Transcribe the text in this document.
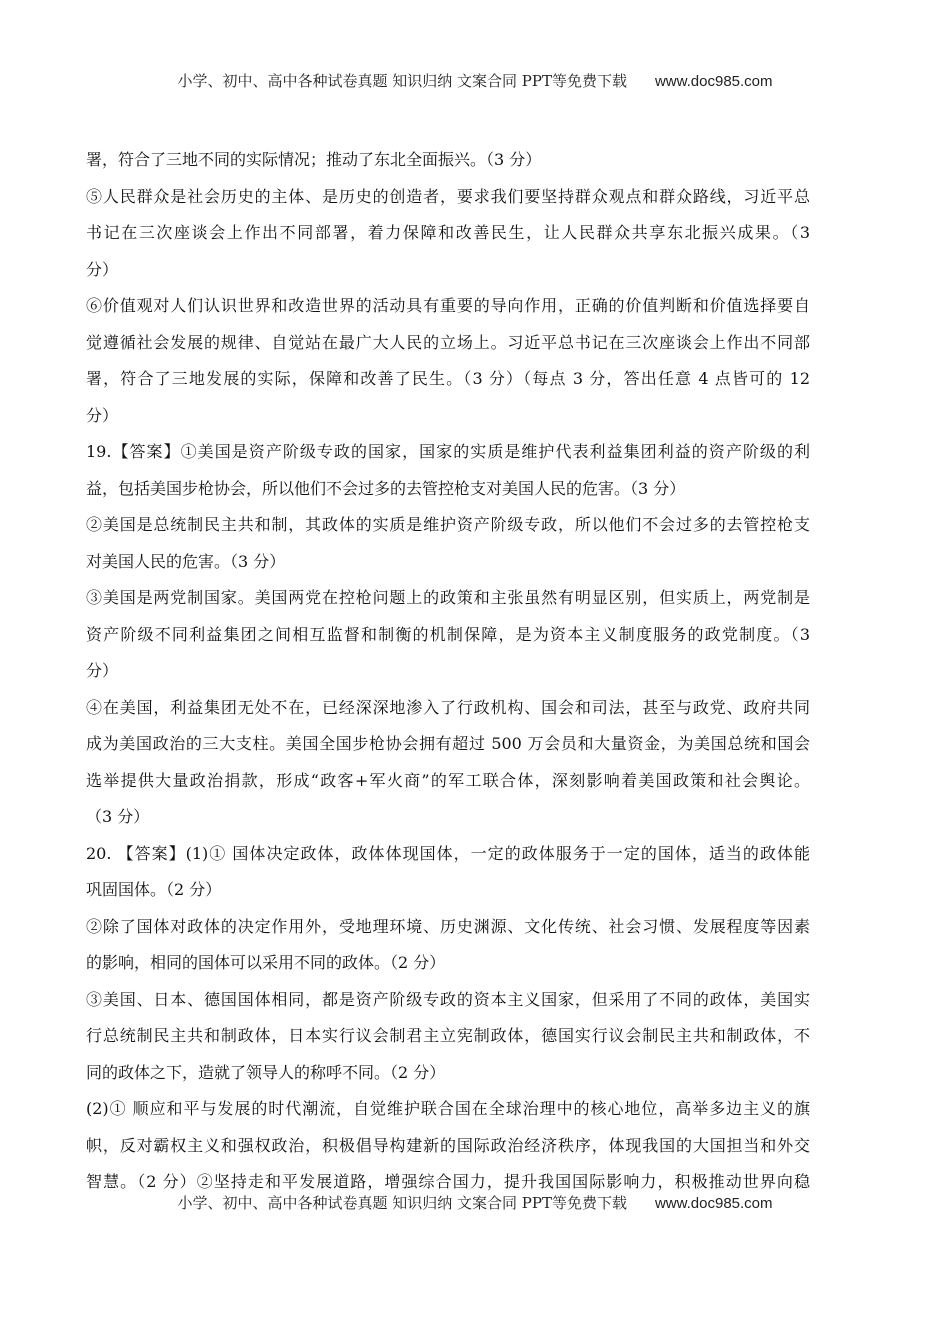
小学、初中、高中各种试卷真题 知识归纳 文案合同 PPT等免费下载 www.doc985.com
署，符合了三地不同的实际情况；推动了东北全面振兴。（3 分）
⑤人民群众是社会历史的主体、是历史的创造者，要求我们要坚持群众观点和群众路线，习近平总
书记在三次座谈会上作出不同部署，着力保障和改善民生，让人民群众共享东北振兴成果。（3
分）
⑥价值观对人们认识世界和改造世界的活动具有重要的导向作用，正确的价值判断和价值选择要自
觉遵循社会发展的规律、自觉站在最广大人民的立场上。习近平总书记在三次座谈会上作出不同部
署，符合了三地发展的实际，保障和改善了民生。（3 分）（每点 3 分，答出任意 4 点皆可的 12
分）
19.【答案】①美国是资产阶级专政的国家，国家的实质是维护代表利益集团利益的资产阶级的利
益，包括美国步枪协会，所以他们不会过多的去管控枪支对美国人民的危害。（3 分）
②美国是总统制民主共和制，其政体的实质是维护资产阶级专政，所以他们不会过多的去管控枪支
对美国人民的危害。（3 分）
③美国是两党制国家。美国两党在控枪问题上的政策和主张虽然有明显区别，但实质上，两党制是
资产阶级不同利益集团之间相互监督和制衡的机制保障，是为资本主义制度服务的政党制度。（3
分）
④在美国，利益集团无处不在，已经深深地渗入了行政机构、国会和司法，甚至与政党、政府共同
成为美国政治的三大支柱。美国全国步枪协会拥有超过 500 万会员和大量资金，为美国总统和国会
选举提供大量政治捐款，形成“政客+军火商”的军工联合体，深刻影响着美国政策和社会舆论。
（3 分）
20. 【答案】(1)① 国体决定政体，政体体现国体，一定的政体服务于一定的国体，适当的政体能
巩固国体。（2 分）
②除了国体对政体的决定作用外，受地理环境、历史渊源、文化传统、社会习惯、发展程度等因素
的影响，相同的国体可以采用不同的政体。（2 分）
③美国、日本、德国国体相同，都是资产阶级专政的资本主义国家，但采用了不同的政体，美国实
行总统制民主共和制政体，日本实行议会制君主立宪制政体，德国实行议会制民主共和制政体，不
同的政体之下，造就了领导人的称呼不同。（2 分）
(2)① 顺应和平与发展的时代潮流，自觉维护联合国在全球治理中的核心地位，高举多边主义的旗
帜，反对霸权主义和强权政治，积极倡导构建新的国际政治经济秩序，体现我国的大国担当和外交
智慧。（2 分）②坚持走和平发展道路，增强综合国力，提升我国国际影响力，积极推动世界向稳
小学、初中、高中各种试卷真题 知识归纳 文案合同 PPT等免费下载 www.doc985.com
